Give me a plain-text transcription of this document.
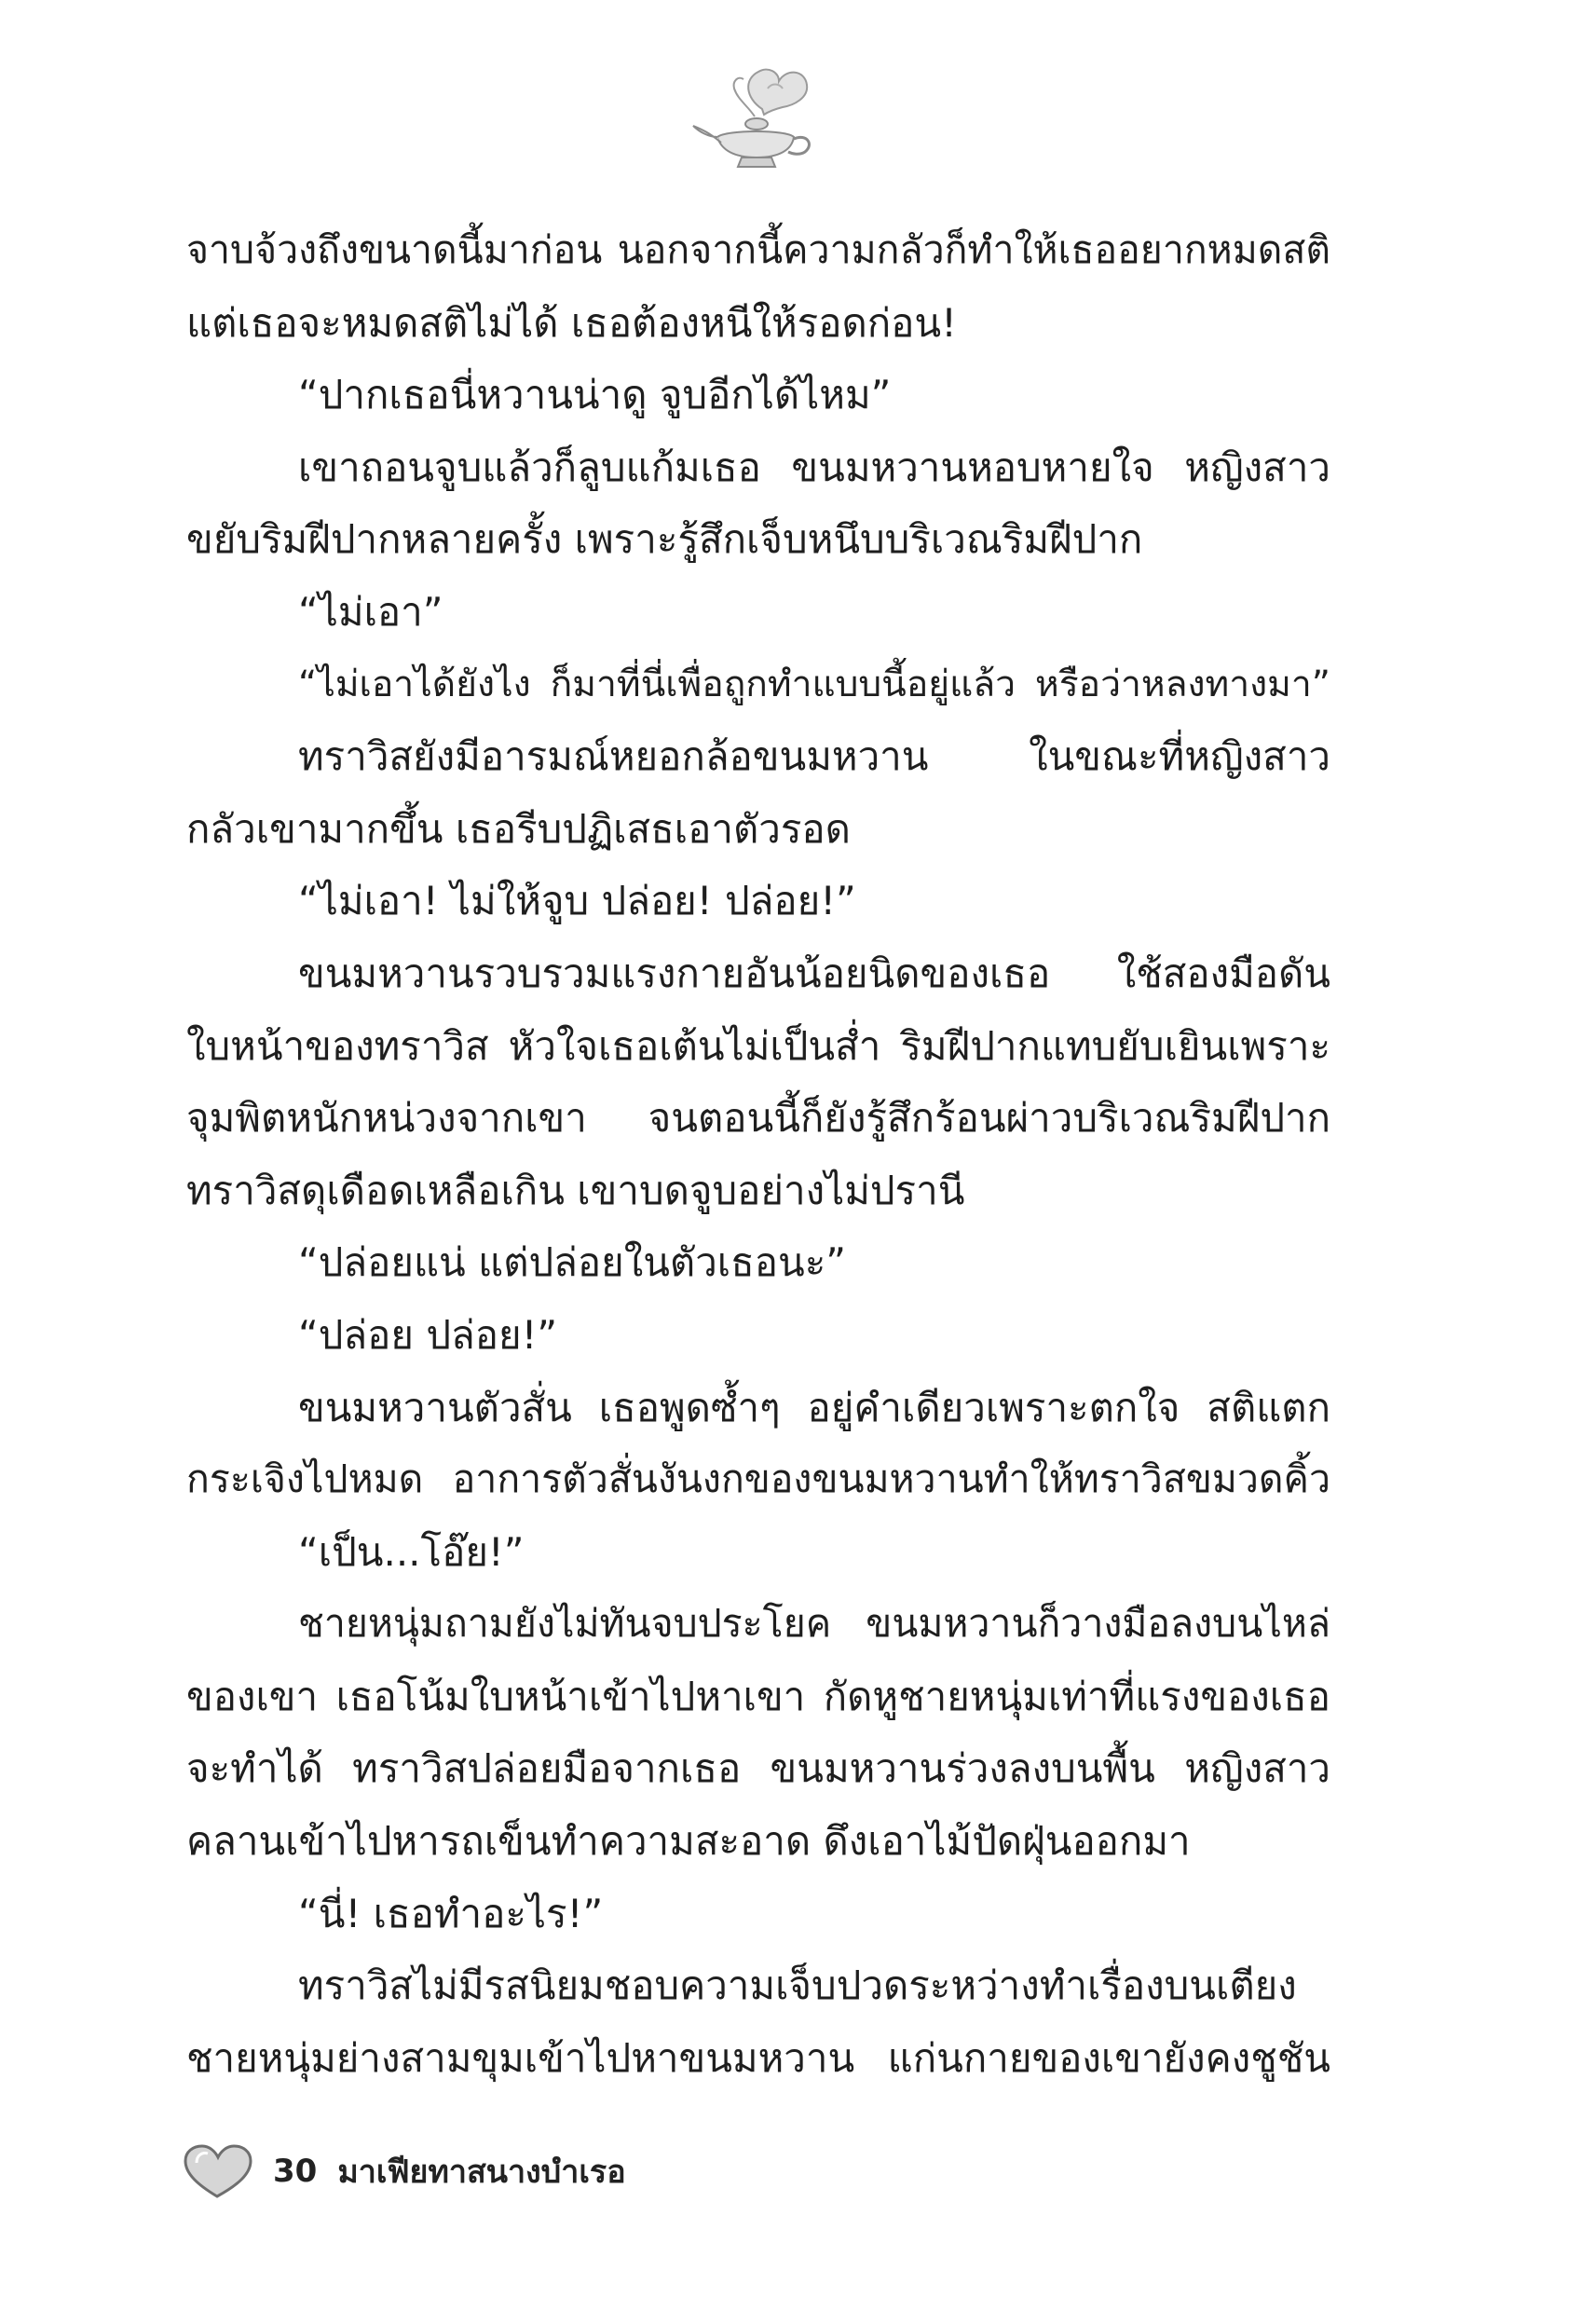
จาบจ้วงถึงขนาดนี้มาก่อน นอกจากนี้ความกลัวก็ทำให้เธออยากหมดสติ
แต่เธอจะหมดสติไม่ได้ เธอต้องหนีให้รอดก่อน!
“ปากเธอนี่หวานน่าดู จูบอีกได้ไหม”
เขาถอนจูบแล้วก็ลูบแก้มเธอ ขนมหวานหอบหายใจ หญิงสาว
ขยับริมฝีปากหลายครั้ง เพราะรู้สึกเจ็บหนึบบริเวณริมฝีปาก
“ไม่เอา”
“ไม่เอาได้ยังไง ก็มาที่นี่เพื่อถูกทำแบบนี้อยู่แล้ว หรือว่าหลงทางมา”
ทราวิสยังมีอารมณ์หยอกล้อขนมหวาน ในขณะที่หญิงสาว
กลัวเขามากขึ้น เธอรีบปฏิเสธเอาตัวรอด
“ไม่เอา! ไม่ให้จูบ ปล่อย! ปล่อย!”
ขนมหวานรวบรวมแรงกายอันน้อยนิดของเธอ ใช้สองมือดัน
ใบหน้าของทราวิส หัวใจเธอเต้นไม่เป็นส่ำ ริมฝีปากแทบยับเยินเพราะ
จุมพิตหนักหน่วงจากเขา จนตอนนี้ก็ยังรู้สึกร้อนผ่าวบริเวณริมฝีปาก
ทราวิสดุเดือดเหลือเกิน เขาบดจูบอย่างไม่ปรานี
“ปล่อยแน่ แต่ปล่อยในตัวเธอนะ”
“ปล่อย ปล่อย!”
ขนมหวานตัวสั่น เธอพูดซ้ำๆ อยู่คำเดียวเพราะตกใจ สติแตก
กระเจิงไปหมด อาการตัวสั่นงันงกของขนมหวานทำให้ทราวิสขมวดคิ้ว
“เป็น...โอ๊ย!”
ชายหนุ่มถามยังไม่ทันจบประโยค ขนมหวานก็วางมือลงบนไหล่
ของเขา เธอโน้มใบหน้าเข้าไปหาเขา กัดหูชายหนุ่มเท่าที่แรงของเธอ
จะทำได้ ทราวิสปล่อยมือจากเธอ ขนมหวานร่วงลงบนพื้น หญิงสาว
คลานเข้าไปหารถเข็นทำความสะอาด ดึงเอาไม้ปัดฝุ่นออกมา
“นี่! เธอทำอะไร!”
ทราวิสไม่มีรสนิยมชอบความเจ็บปวดระหว่างทำเรื่องบนเตียง
ชายหนุ่มย่างสามขุมเข้าไปหาขนมหวาน แก่นกายของเขายังคงชูชัน
30 มาเฟียทาสนางบำเรอ
